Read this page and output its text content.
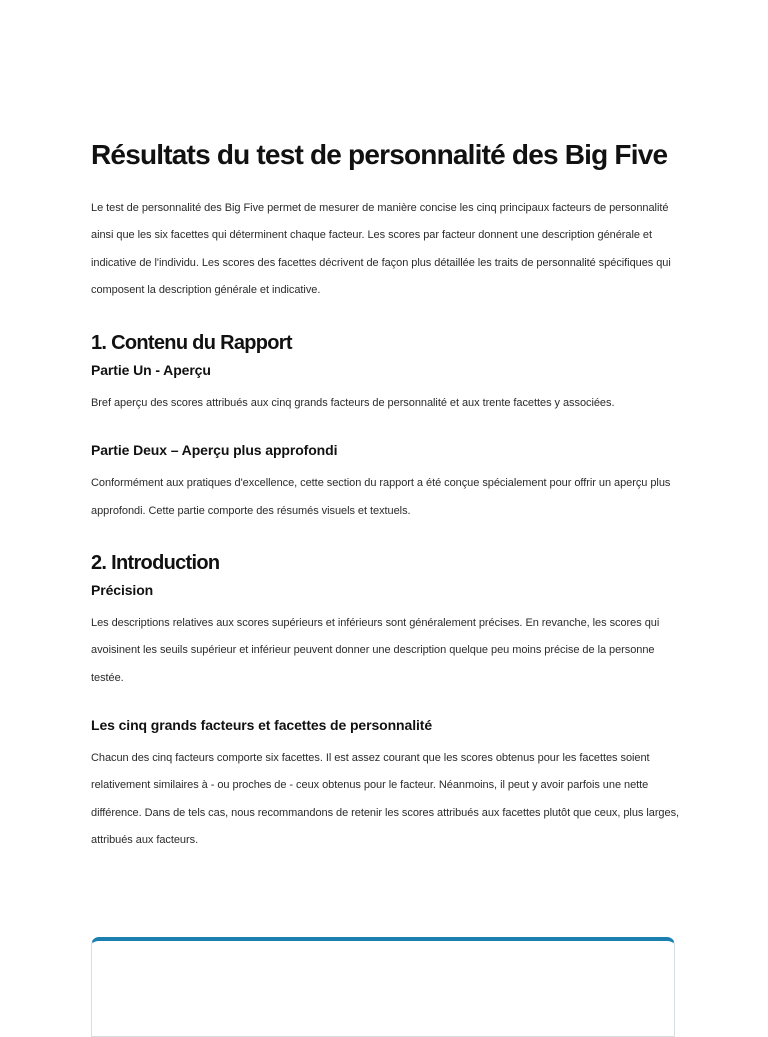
Résultats du test de personnalité des Big Five

Le test de personnalité des Big Five permet de mesurer de manière concise les cinq principaux facteurs de personnalité ainsi que les six facettes qui déterminent chaque facteur. Les scores par facteur donnent une description générale et indicative de l'individu. Les scores des facettes décrivent de façon plus détaillée les traits de personnalité spécifiques qui composent la description générale et indicative.

1. Contenu du Rapport
Partie Un - Aperçu

Bref aperçu des scores attribués aux cinq grands facteurs de personnalité et aux trente facettes y associées.

Partie Deux – Aperçu plus approfondi

Conformément aux pratiques d'excellence, cette section du rapport a été conçue spécialement pour offrir un aperçu plus approfondi. Cette partie comporte des résumés visuels et textuels.

2. Introduction
Précision

Les descriptions relatives aux scores supérieurs et inférieurs sont généralement précises. En revanche, les scores qui avoisinent les seuils supérieur et inférieur peuvent donner une description quelque peu moins précise de la personne testée.

Les cinq grands facteurs et facettes de personnalité

Chacun des cinq facteurs comporte six facettes. Il est assez courant que les scores obtenus pour les facettes soient relativement similaires à - ou proches de - ceux obtenus pour le facteur. Néanmoins, il peut y avoir parfois une nette différence. Dans de tels cas, nous recommandons de retenir les scores attribués aux facettes plutôt que ceux, plus larges, attribués aux facteurs.
